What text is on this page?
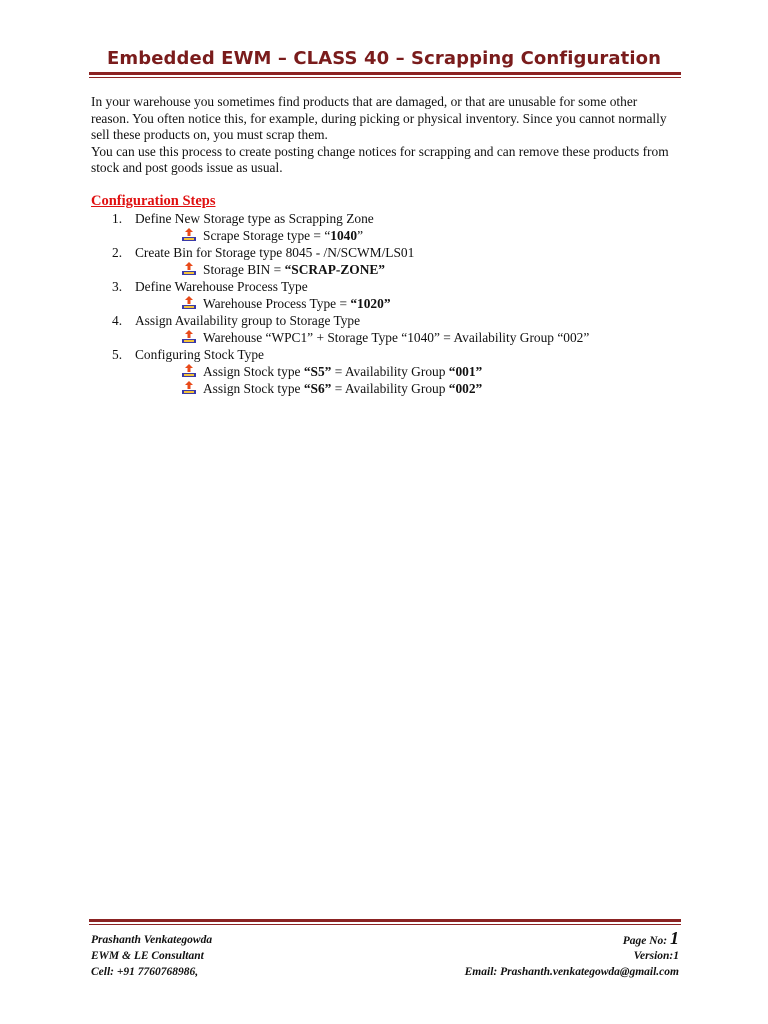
Embedded EWM – CLASS 40 – Scrapping Configuration

In your warehouse you sometimes find products that are damaged, or that are unusable for some other reason. You often notice this, for example, during picking or physical inventory. Since you cannot normally sell these products on, you must scrap them.

You can use this process to create posting change notices for scrapping and can remove these products from stock and post goods issue as usual.

Configuration Steps
1. Define New Storage type as Scrapping Zone
Scrape Storage type = “1040”
2. Create Bin for Storage type 8045 - /N/SCWM/LS01
Storage BIN = “SCRAP-ZONE”
3. Define Warehouse Process Type
Warehouse Process Type = “1020”
4. Assign Availability group to Storage Type
Warehouse “WPC1” + Storage Type “1040” = Availability Group “002”
5. Configuring Stock Type
Assign Stock type “S5” = Availability Group “001”
Assign Stock type “S6” = Availability Group “002”
Prashanth Venkategowda
EWM & LE Consultant
Cell: +91 7760768986,
Page No: 1
Version:1
Email: Prashanth.venkategowda@gmail.com
